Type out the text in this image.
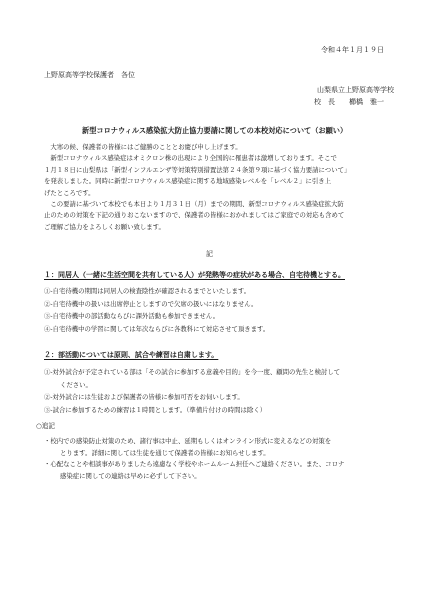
令和４年１月１９日
上野原高等学校保護者　各位
山梨県立上野原高等学校
校　長　　櫛橋　雅一
新型コロナウィルス感染拡大防止協力要請に関しての本校対応について（お願い）

大寒の候、保護者の皆様にはご健勝のこととお慶び申し上げます。

新型コロナウィルス感染症はオミクロン株の出現により全国的に罹患者は激増しております。そこで

１月１８日に山梨県は「新型インフルエンザ等対策特別措置法第２４条第９項に基づく協力要請について」

を発表しました。同時に新型コロナウィルス感染症に関する地域感染レベルを「レベル２」に引き上

げたところです。

この要請に基づいて本校でも本日より１月３１日（月）までの期間、新型コロナウィルス感染症拡大防

止のための対策を下記の通りおこないますので、保護者の皆様におかれましてはご家庭での対応も含めて

ご理解ご協力をよろしくお願い致します。

記
１：同居人（一緒に生活空間を共有している人）が発熱等の症状がある場合、自宅待機とする。
①-自宅待機の期間は同居人の検査陰性が確認されるまでといたします。
②-自宅待機中の扱いは出席停止としますので欠席の扱いにはなりません。
③-自宅待機中の部活動ならびに課外活動も参加できません。
④-自宅待機中の学習に関しては年次ならびに各教科にて対応させて頂きます。
２：部活動については原則、試合や練習は自粛します。
①-対外試合が予定されている部は「その試合に参加する意義や目的」を今一度、顧問の先生と検討して
ください。
②-対外試合には生徒および保護者の皆様に参加可否をお伺いします。
③-試合に参加するための練習は１時間とします。（準備片付けの時間は除く）
○追記
・校内での感染防止対策のため、諸行事は中止、延期もしくはオンライン形式に変えるなどの対策を
とります。詳細に関しては生徒を通じて保護者の皆様にお知らせします。
・心配なことや相談事がありましたら遠慮なく学校やホームルーム担任へご連絡ください。また、コロナ
感染症に関しての連絡は早めに必ずして下さい。
